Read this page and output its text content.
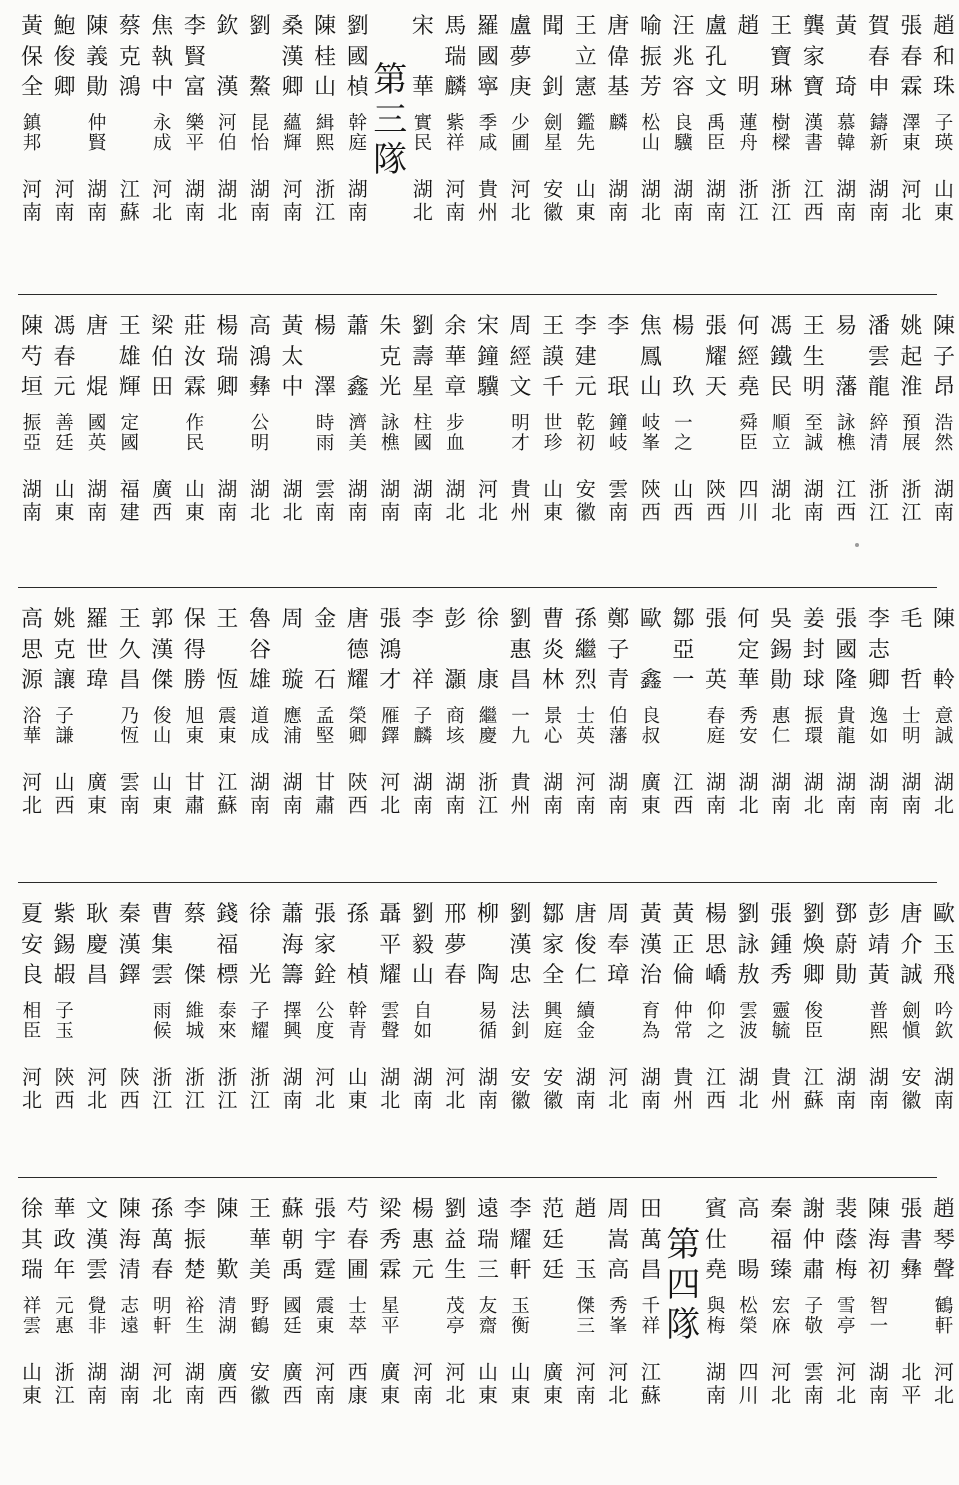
黃
保
全
鎮
邦
河
南
鮑
俊
卿
河
南
陳
義
勛
仲
賢
湖
南
蔡
克
鴻
江
蘇
焦
執
中
永
成
河
北
李
賢
富
樂
平
湖
南
欽
漢
河
伯
湖
北
劉
鰲
昆
怡
湖
南
桑
漢
卿
蘊
輝
河
南
陳
桂
山
緝
熙
浙
江
劉
國
楨
幹
庭
湖
南
第
三
隊
宋
華
實
民
湖
北
馬
瑞
麟
紫
祥
河
南
羅
國
寧
季
咸
貴
州
盧
夢
庚
少
圃
河
北
聞
釗
劍
星
安
徽
王
立
憲
鑑
先
山
東
唐
偉
基
麟
湖
南
喻
振
芳
松
山
湖
北
汪
兆
容
良
驥
湖
南
盧
孔
文
禹
臣
湖
南
趙
明
蓮
舟
浙
江
王
寶
琳
樹
樑
浙
江
龔
家
寶
漢
書
江
西
黃
琦
慕
韓
湖
南
賀
春
申
鑄
新
湖
南
張
春
霖
澤
東
河
北
趙
和
珠
子
瑛
山
東
陳
芍
垣
振
亞
湖
南
馮
春
元
善
廷
山
東
唐
焜
國
英
湖
南
王
雄
輝
定
國
福
建
梁
伯
田
廣
西
莊
汝
霖
作
民
山
東
楊
瑞
卿
湖
南
高
鴻
彝
公
明
湖
北
黃
太
中
湖
北
楊
澤
時
雨
雲
南
蕭
鑫
濟
美
湖
南
朱
克
光
詠
樵
湖
南
劉
壽
星
柱
國
湖
南
余
華
章
步
血
湖
北
宋
鐘
驥
河
北
周
經
文
明
才
貴
州
王
謨
千
世
珍
山
東
李
建
元
乾
初
安
徽
李
珉
鐘
岐
雲
南
焦
鳳
山
岐
峯
陝
西
楊
玖
一
之
山
西
張
耀
天
陝
西
何
經
堯
舜
臣
四
川
馮
鐵
民
順
立
湖
北
王
生
明
至
誠
湖
南
易
藩
詠
樵
江
西
潘
雲
龍
綷
清
浙
江
姚
起
淮
預
展
浙
江
陳
子
昂
浩
然
湖
南
高
思
源
浴
華
河
北
姚
克
讓
子
謙
山
西
羅
世
瑋
廣
東
王
久
昌
乃
恆
雲
南
郭
漢
傑
俊
山
山
東
保
得
勝
旭
東
甘
肅
王
恆
震
東
江
蘇
魯
谷
雄
道
成
湖
南
周
璇
應
浦
湖
南
金
石
孟
堅
甘
肅
唐
德
耀
榮
卿
陝
西
張
鴻
才
雁
鐸
河
北
李
祥
子
麟
湖
南
彭
灝
商
垓
湖
南
徐
康
繼
慶
浙
江
劉
惠
昌
一
九
貴
州
曹
炎
林
景
心
湖
南
孫
繼
烈
士
英
河
南
鄭
子
青
伯
藩
湖
南
歐
鑫
良
叔
廣
東
鄒
亞
一
江
西
張
英
春
庭
湖
南
何
定
華
秀
安
湖
北
吳
錫
勛
惠
仁
湖
南
姜
封
球
振
環
湖
北
張
國
隆
貴
龍
湖
南
李
志
卿
逸
如
湖
南
毛
哲
士
明
湖
南
陳
軨
意
誠
湖
北
夏
安
良
相
臣
河
北
紫
錫
嘏
子
玉
陝
西
耿
慶
昌
河
北
秦
漢
鐸
陝
西
曹
集
雲
雨
候
浙
江
蔡
傑
維
城
浙
江
錢
福
標
泰
來
浙
江
徐
光
子
耀
浙
江
蕭
海
籌
擇
興
湖
南
張
家
銓
公
度
河
北
孫
楨
幹
青
山
東
聶
平
耀
雲
聲
湖
北
劉
毅
山
自
如
湖
南
邢
夢
春
河
北
柳
陶
易
循
湖
南
劉
漢
忠
法
釗
安
徽
鄒
家
全
興
庭
安
徽
唐
俊
仁
續
金
湖
南
周
奉
璋
河
北
黃
漢
治
育
為
湖
南
黃
正
倫
仲
常
貴
州
楊
思
嶠
仰
之
江
西
劉
詠
敖
雲
波
湖
北
張
鍾
秀
靈
毓
貴
州
劉
煥
卿
俊
臣
江
蘇
鄧
蔚
勛
湖
南
彭
靖
黃
普
熙
湖
南
唐
介
誠
劍
愼
安
徽
歐
玉
飛
吟
欽
湖
南
徐
其
瑞
祥
雲
山
東
華
政
年
元
惠
浙
江
文
漢
雲
覺
非
湖
南
陳
海
清
志
遠
湖
南
孫
萬
春
明
軒
河
北
李
振
楚
裕
生
湖
南
陳
歎
清
湖
廣
西
王
華
美
野
鶴
安
徽
蘇
朝
禹
國
廷
廣
西
張
宇
霆
震
東
河
南
芍
春
圃
士
萃
西
康
梁
秀
霖
星
平
廣
東
楊
惠
元
河
南
劉
益
生
茂
亭
河
北
遠
瑞
三
友
齋
山
東
李
耀
軒
玉
衡
山
東
范
廷
廷
廣
東
趙
玉
傑
三
河
南
周
嵩
高
秀
峯
河
北
田
萬
昌
千
祥
江
蘇
第
四
隊
賓
仕
堯
與
梅
湖
南
高
暘
松
榮
四
川
秦
福
臻
宏
庥
河
北
謝
仲
肅
子
敬
雲
南
裴
蔭
梅
雪
亭
河
北
陳
海
初
智
一
湖
南
張
書
彝
北
平
趙
琴
聲
鶴
軒
河
北
